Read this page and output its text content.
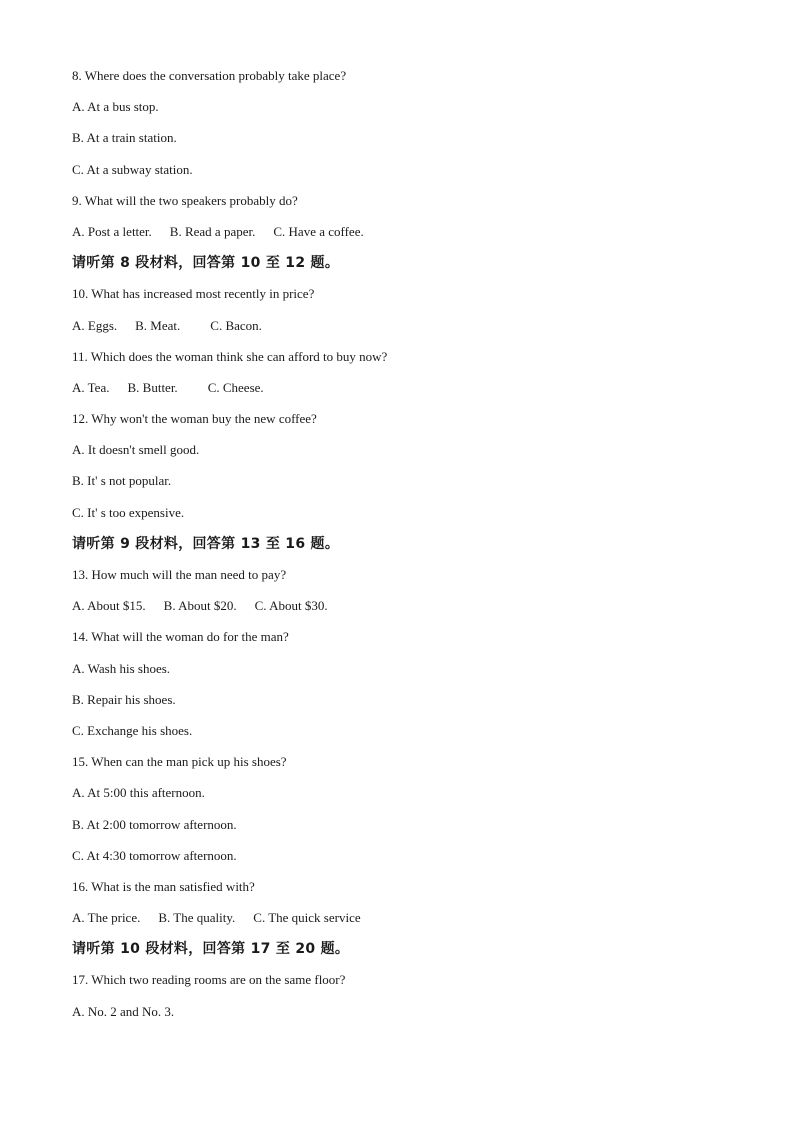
8. Where does the conversation probably take place?
A. At a bus stop.
B. At a train station.
C. At a subway station.
9. What will the two speakers probably do?
A. Post a letter. B. Read a paper. C. Have a coffee.
请听第 8 段材料，回答第 10 至 12 题。
10. What has increased most recently in price?
A. Eggs. B. Meat. C. Bacon.
11. Which does the woman think she can afford to buy now?
A. Tea. B. Butter. C. Cheese.
12. Why won't the woman buy the new coffee?
A. It doesn't smell good.
B. It' s not popular.
C. It' s too expensive.
请听第 9 段材料，回答第 13 至 16 题。
13. How much will the man need to pay?
A. About $15. B. About $20. C. About $30.
14. What will the woman do for the man?
A. Wash his shoes.
B. Repair his shoes.
C. Exchange his shoes.
15. When can the man pick up his shoes?
A. At 5:00 this afternoon.
B. At 2:00 tomorrow afternoon.
C. At 4:30 tomorrow afternoon.
16. What is the man satisfied with?
A. The price. B. The quality. C. The quick service
请听第 10 段材料，回答第 17 至 20 题。
17. Which two reading rooms are on the same floor?
A. No. 2 and No. 3.
